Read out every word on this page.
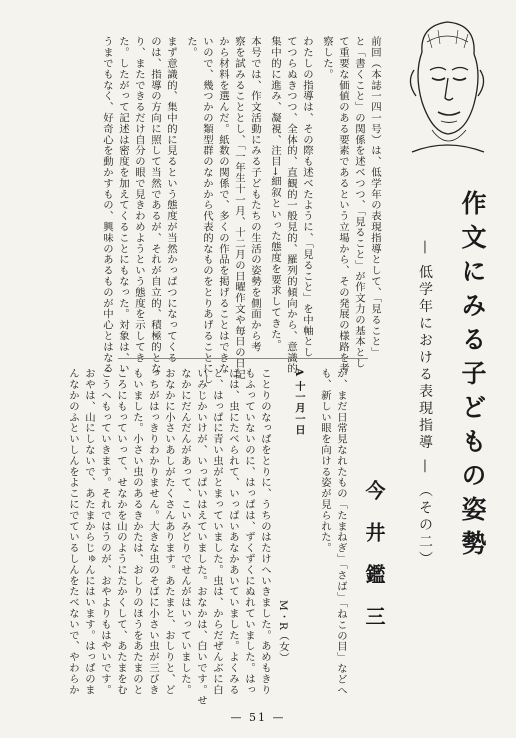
作文にみる子どもの姿勢
— 低学年における表現指導 — （その二）
今井鑑三
前回（本誌一四一号）は、低学年の表現指導として、「見ること」
と「書くこと」の関係を述べつつ、「見ること」が作文力の基本とし
て重要な価値のある要素であるという立場から、その発展の様路を考
察した。
わたしの指導は、その際も述べたように、「見ること」を中軸とし
てつらぬきつつ、全体的、直観的一般見的、羅列的傾向から、意識的
集中的に進み、凝視、注目→細叙といった態度を要求してきた。
本号では、作文活動にみる子どもたちの生活の姿勢を側面から考
察を試みることとし、「一年生十一月、十二月の日曜作文や毎日の日記
から材料を選んだ。紙数の関係で、多くの作品を掲げることはできな
いので、幾つかの類型群のなかから代表的なものをとりあげることにし
た。
まず意識的、集中的に見るという態度が当然かっぱつになってくる
のは、指導の方向に照して当然であるが、それが自立的、積極的とな
り、またできるだけ自分の眼で見きわめようという態度を示してき
た。したがって記述は密度を加えてくることにもなった。対象は、い
うまでもなく、好奇心を動かすもの、興味のあるものが中心とはなる
が、まだ日常見なれたもの「たまねぎ」「さば」「ねこの目」などへ
も、新しい眼を向ける姿が見られた。
A 十一月一日
M・R（女）
ことりのなっぱをとりに、うちのはたけへいきました。あめもきり
もふっていないのに、はっぱは、ずくずくにぬれていました。はっ
ぱは、虫にたべられて、いっぱいあなかあいていました。よくみる
と、はっぱに青い虫がとまっていました。虫は、からだぜんぶに白
いみじかいけが、いっぱいはえていました。おなかは、白いです。せ
なかにだんだんがあって、こいみどりでせんがはいっていました。
おなかに小さいあしがたくさんあります。あたまと、おしりと、ど
っちがはっきりわかりません。大きな虫のそばに小さい虫が三びき
もいました。小さい虫のあるきかたは、おしりのほうをあたまのと
ころにもっていって、せなかを山のようにたかくして、あたまをむ
こうへもっていきます。それではうのが、おやよりもはやいです。
おやは、山にしないで、あたまからじゅんにはいます。はっぱのま
んなかのふといしんをよこにでているしんをたべないで、やわらか
— 51 —
